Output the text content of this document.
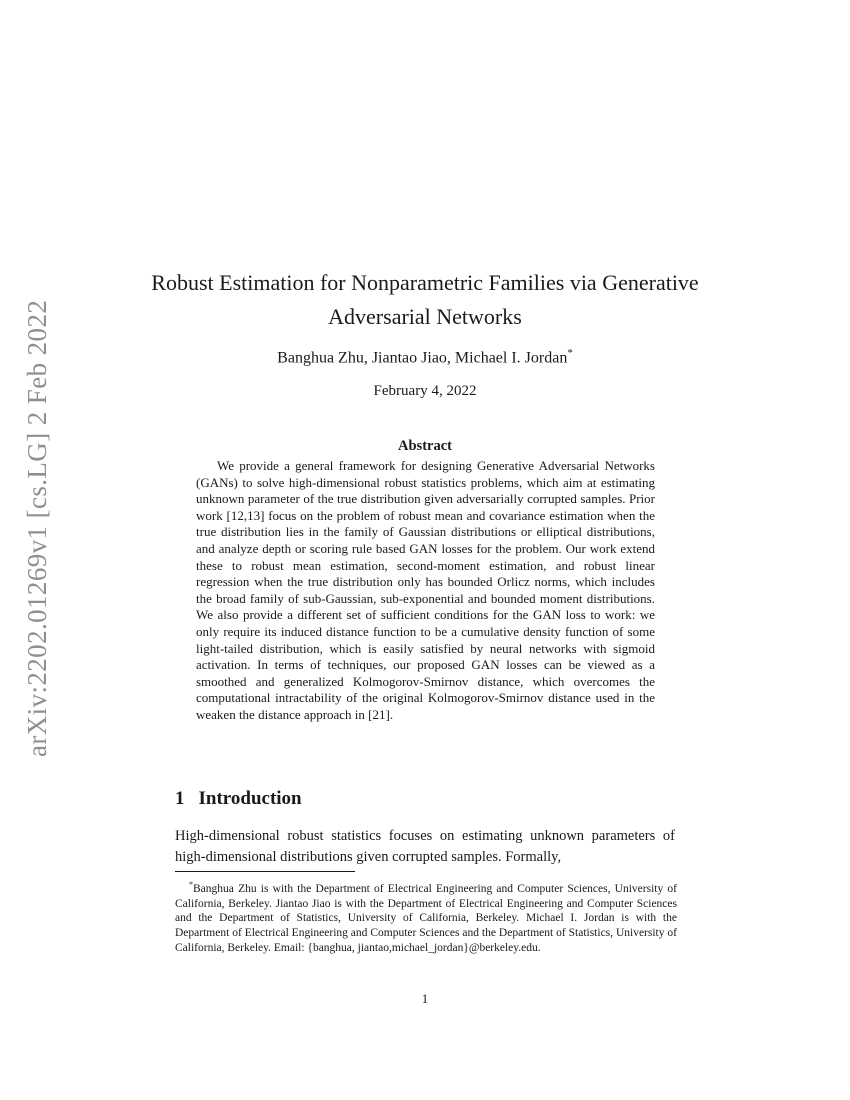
arXiv:2202.01269v1 [cs.LG] 2 Feb 2022
Robust Estimation for Nonparametric Families via Generative Adversarial Networks
Banghua Zhu, Jiantao Jiao, Michael I. Jordan*
February 4, 2022
Abstract
We provide a general framework for designing Generative Adversarial Networks (GANs) to solve high-dimensional robust statistics problems, which aim at estimating unknown parameter of the true distribution given adversarially corrupted samples. Prior work [12,13] focus on the problem of robust mean and covariance estimation when the true distribution lies in the family of Gaussian distributions or elliptical distributions, and analyze depth or scoring rule based GAN losses for the problem. Our work extend these to robust mean estimation, second-moment estimation, and robust linear regression when the true distribution only has bounded Orlicz norms, which includes the broad family of sub-Gaussian, sub-exponential and bounded moment distributions. We also provide a different set of sufficient conditions for the GAN loss to work: we only require its induced distance function to be a cumulative density function of some light-tailed distribution, which is easily satisfied by neural networks with sigmoid activation. In terms of techniques, our proposed GAN losses can be viewed as a smoothed and generalized Kolmogorov-Smirnov distance, which overcomes the computational intractability of the original Kolmogorov-Smirnov distance used in the weaken the distance approach in [21].
1 Introduction
High-dimensional robust statistics focuses on estimating unknown parameters of high-dimensional distributions given corrupted samples. Formally,
*Banghua Zhu is with the Department of Electrical Engineering and Computer Sciences, University of California, Berkeley. Jiantao Jiao is with the Department of Electrical Engineering and Computer Sciences and the Department of Statistics, University of California, Berkeley. Michael I. Jordan is with the Department of Electrical Engineering and Computer Sciences and the Department of Statistics, University of California, Berkeley. Email: {banghua, jiantao,michael_jordan}@berkeley.edu.
1
